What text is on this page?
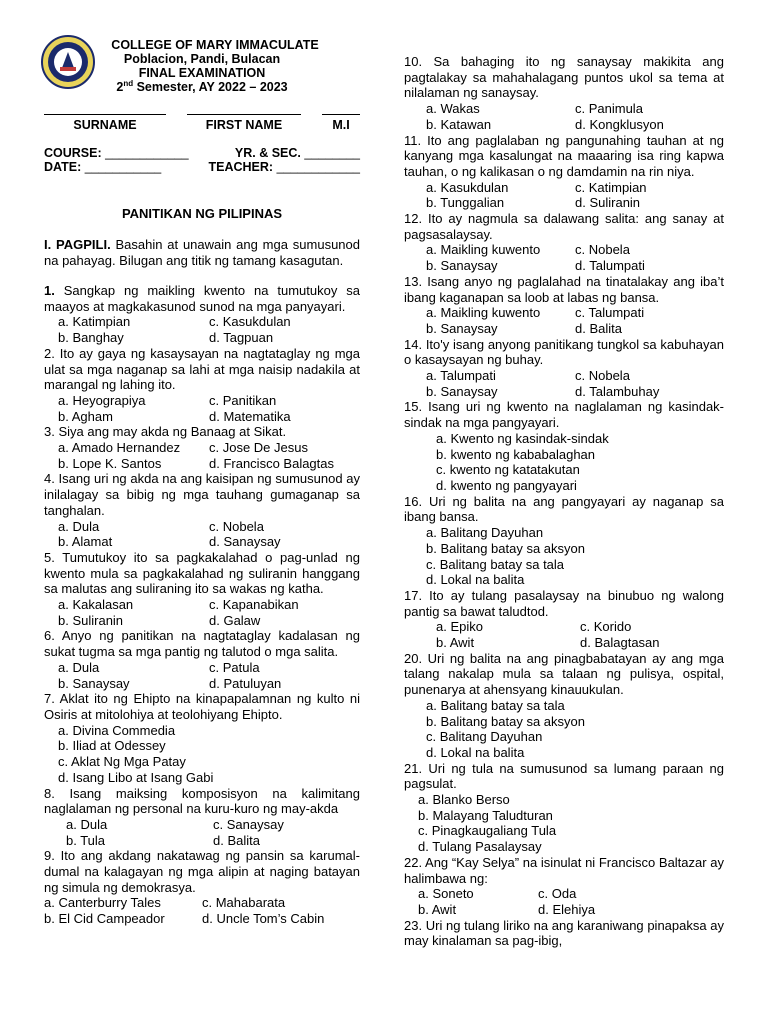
COLLEGE OF MARY IMMACULATE
Poblacion, Pandi, Bulacan
FINAL EXAMINATION
2nd Semester, AY 2022 – 2023
SURNAME	FIRST NAME	M.I
COURSE: ____________	YR. & SEC. ________
DATE: ___________	TEACHER: ____________
PANITIKAN NG PILIPINAS
I. PAGPILI. Basahin at unawain ang mga sumusunod na pahayag. Bilugan ang titik ng tamang kasagutan.
1. Sangkap ng maikling kwento na tumutukoy sa maayos at magkakasunod sunod na mga panyayari.
a. Katimpian	c. Kasukdulan
b. Banghay	d. Tagpuan
2. Ito ay gaya ng kasaysayan na nagtataglay ng mga ulat sa mga naganap sa lahi at mga naisip nadakila at marangal ng lahing ito.
a. Heyograpiya	c. Panitikan
b. Agham	d. Matematika
3. Siya ang may akda ng Banaag at Sikat.
a. Amado Hernandez	c. Jose De Jesus
b. Lope K. Santos	d. Francisco Balagtas
4. Isang uri ng akda na ang kaisipan ng sumusunod ay inilalagay sa bibig ng mga tauhang gumaganap sa tanghalan.
a. Dula	c. Nobela
b. Alamat	d. Sanaysay
5. Tumutukoy ito sa pagkakalahad o pag-unlad ng kwento mula sa pagkakalahad ng suliranin hanggang sa malutas ang suliraning ito sa wakas ng katha.
a. Kakalasan	c. Kapanabikan
b. Suliranin	d. Galaw
6. Anyo ng panitikan na nagtataglay kadalasan ng sukat tugma sa mga pantig ng talutod o mga salita.
a. Dula	c. Patula
b. Sanaysay	d. Patuluyan
7. Aklat ito ng Ehipto na kinapapalamnan ng kulto ni Osiris at mitolohiya at teolohiyang Ehipto.
a. Divina Commedia
b. Iliad at Odessey
c. Aklat Ng Mga Patay
d. Isang Libo at Isang Gabi
8. Isang maiksing komposisyon na kalimitang naglalaman ng personal na kuru-kuro ng may-akda
a. Dula	c. Sanaysay
b. Tula	d. Balita
9. Ito ang akdang nakatawag ng pansin sa karumal-dumal na kalagayan ng mga alipin at naging batayan ng simula ng demokrasya.
a. Canterburry Tales	c. Mahabarata
b. El Cid Campeador	d. Uncle Tom’s Cabin
10. Sa bahaging ito ng sanaysay makikita ang pagtalakay sa mahahalagang puntos ukol sa tema at nilalaman ng sanaysay.
a. Wakas	c. Panimula
b. Katawan	d. Kongklusyon
11. Ito ang paglalaban ng pangunahing tauhan at ng kanyang mga kasalungat na maaaring isa ring kapwa tauhan, o ng kalikasan o ng damdamin na rin niya.
a. Kasukdulan	c. Katimpian
b. Tunggalian	d. Suliranin
12. Ito ay nagmula sa dalawang salita: ang sanay at pagsasalaysay.
a. Maikling kuwento	c. Nobela
b. Sanaysay	d. Talumpati
13. Isang anyo ng paglalahad na tinatalakay ang iba’t ibang kaganapan sa loob at labas ng bansa.
a. Maikling kuwento	c. Talumpati
b. Sanaysay	d. Balita
14. Ito'y isang anyong panitikang tungkol sa kabuhayan o kasaysayan ng buhay.
a. Talumpati	c. Nobela
b. Sanaysay	d. Talambuhay
15. Isang uri ng kwento na naglalaman ng kasindak-sindak na mga pangyayari.
a. Kwento ng kasindak-sindak
b. kwento ng kababalaghan
c. kwento ng katatakutan
d. kwento ng pangyayari
16. Uri ng balita na ang pangyayari ay naganap sa ibang bansa.
a. Balitang Dayuhan
b. Balitang batay sa aksyon
c. Balitang batay sa tala
d. Lokal na balita
17. Ito ay tulang pasalaysay na binubuo ng walong pantig sa bawat taludtod.
a. Epiko	c. Korido
b. Awit	d. Balagtasan
20. Uri ng balita na ang pinagbabatayan ay ang mga talang nakalap mula sa talaan ng pulisya, ospital, punenarya at ahensyang kinauukulan.
a. Balitang batay sa tala
b. Balitang batay sa aksyon
c. Balitang Dayuhan
d. Lokal na balita
21. Uri ng tula na sumusunod sa lumang paraan ng pagsulat.
a. Blanko Berso
b. Malayang Taludturan
c. Pinagkaugaliang Tula
d. Tulang Pasalaysay
22. Ang “Kay Selya” na isinulat ni Francisco Baltazar ay halimbawa ng:
a. Soneto	c. Oda
b. Awit	d. Elehiya
23. Uri ng tulang liriko na ang karaniwang pinapaksa ay may kinalaman sa pag-ibig,
